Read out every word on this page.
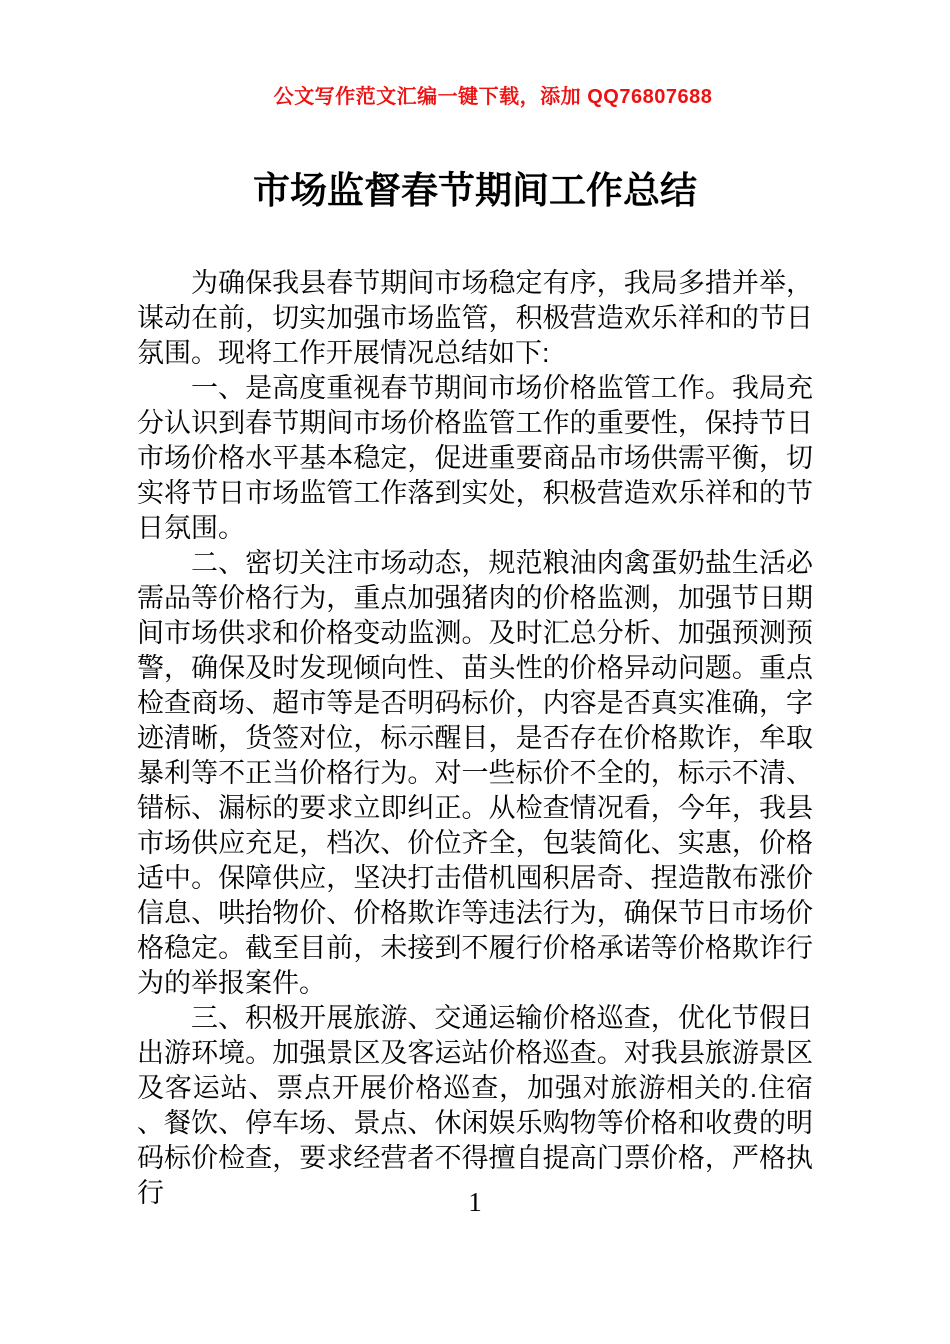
公文写作范文汇编一键下载，添加 QQ76807688
市场监督春节期间工作总结

为确保我县春节期间市场稳定有序，我局多措并举，谋动在前，切实加强市场监管，积极营造欢乐祥和的节日氛围。现将工作开展情况总结如下:

一、是高度重视春节期间市场价格监管工作。我局充分认识到春节期间市场价格监管工作的重要性，保持节日市场价格水平基本稳定，促进重要商品市场供需平衡，切实将节日市场监管工作落到实处，积极营造欢乐祥和的节日氛围。

二、密切关注市场动态，规范粮油肉禽蛋奶盐生活必需品等价格行为，重点加强猪肉的价格监测，加强节日期间市场供求和价格变动监测。及时汇总分析、加强预测预警，确保及时发现倾向性、苗头性的价格异动问题。重点检查商场、超市等是否明码标价，内容是否真实准确，字迹清晰，货签对位，标示醒目，是否存在价格欺诈，牟取暴利等不正当价格行为。对一些标价不全的，标示不清、错标、漏标的要求立即纠正。从检查情况看，今年，我县市场供应充足，档次、价位齐全，包装简化、实惠，价格适中。保障供应，坚决打击借机囤积居奇、捏造散布涨价信息、哄抬物价、价格欺诈等违法行为，确保节日市场价格稳定。截至目前，未接到不履行价格承诺等价格欺诈行为的举报案件。

三、积极开展旅游、交通运输价格巡查，优化节假日出游环境。加强景区及客运站价格巡查。对我县旅游景区及客运站、票点开展价格巡查，加强对旅游相关的.住宿、餐饮、停车场、景点、休闲娱乐购物等价格和收费的明码标价检查，要求经营者不得擅自提高门票价格，严格执行	1
